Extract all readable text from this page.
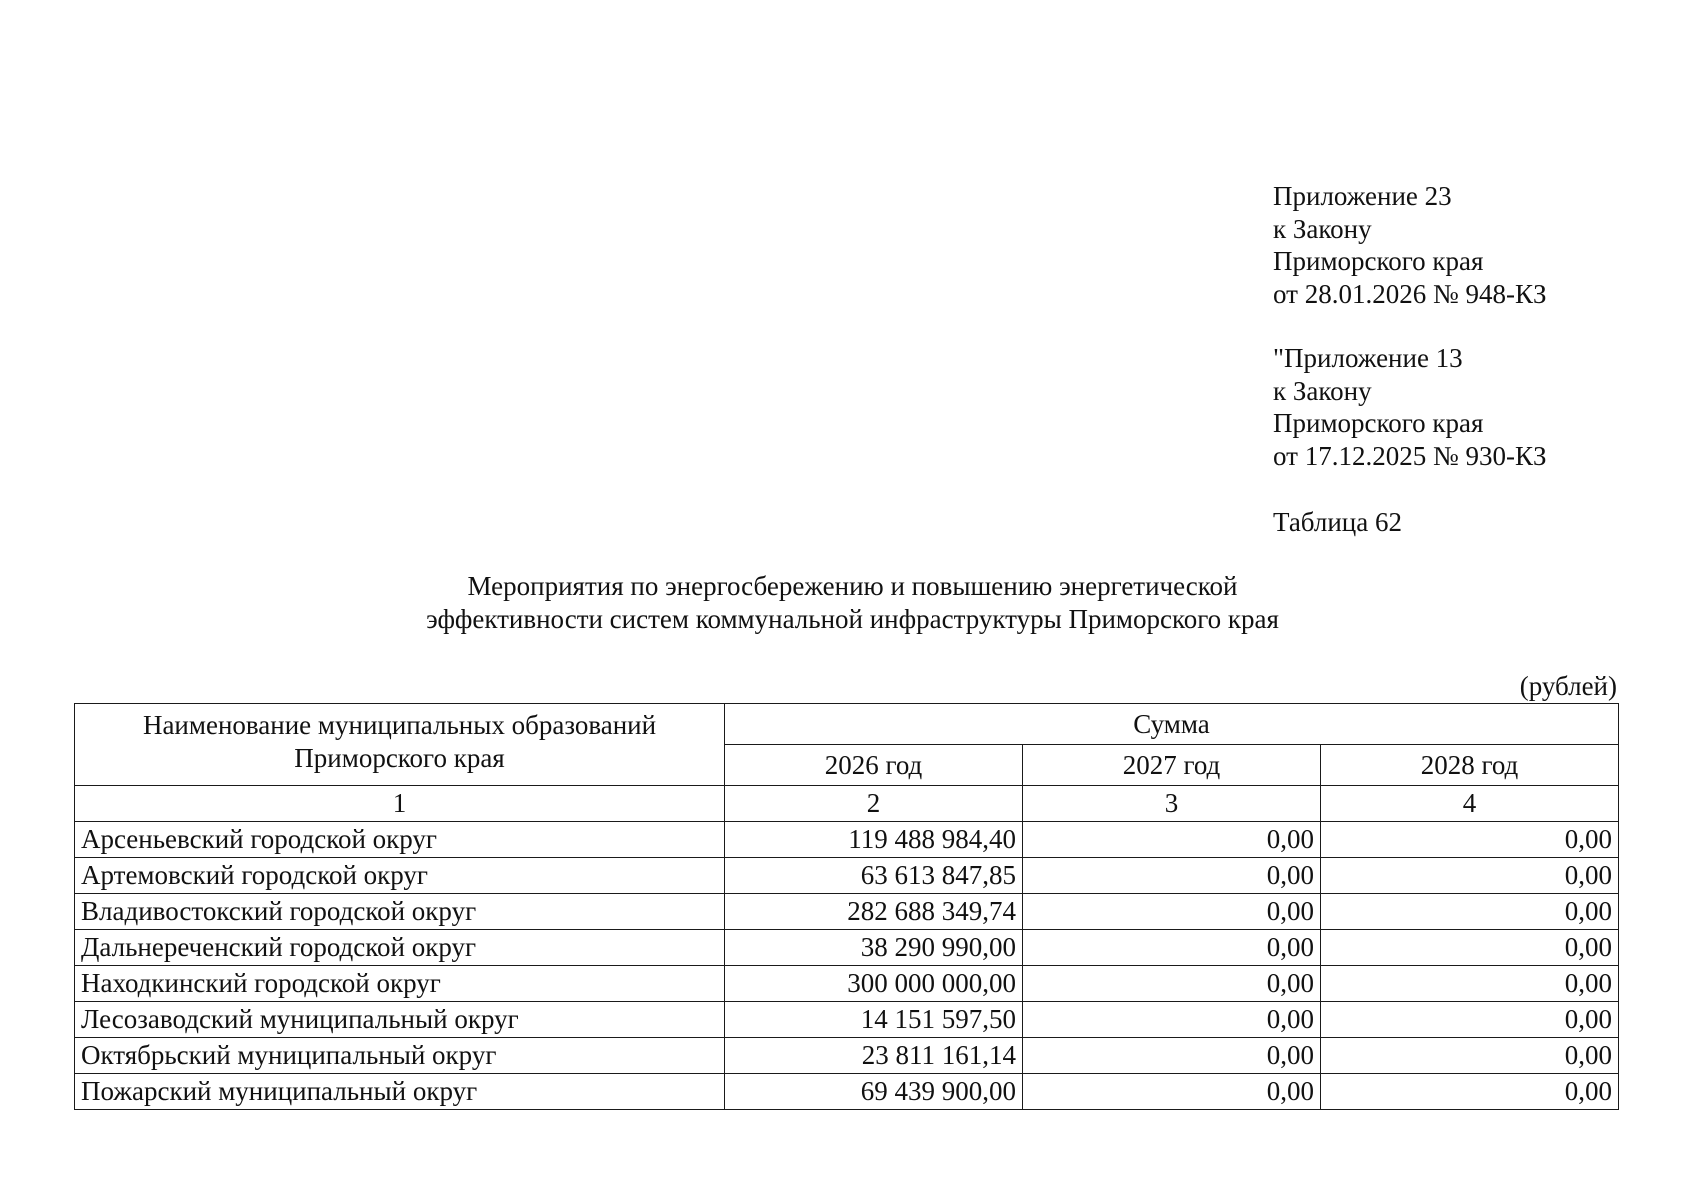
Приложение 23
к Закону
Приморского края
от 28.01.2026 № 948-КЗ
"Приложение 13
к Закону
Приморского края
от 17.12.2025 № 930-КЗ
Таблица 62
Мероприятия по энергосбережению и повышению энергетической
эффективности систем коммунальной инфраструктуры Приморского края
(рублей)
Наименование муниципальных образований
Приморского края	Сумма		
	2026 год	2027 год	2028 год
1	2	3	4
Арсеньевский городской округ	119 488 984,40	0,00	0,00
Артемовский городской округ	63 613 847,85	0,00	0,00
Владивостокский городской округ	282 688 349,74	0,00	0,00
Дальнереченский городской округ	38 290 990,00	0,00	0,00
Находкинский городской округ	300 000 000,00	0,00	0,00
Лесозаводский муниципальный округ	14 151 597,50	0,00	0,00
Октябрьский муниципальный округ	23 811 161,14	0,00	0,00
Пожарский муниципальный округ	69 439 900,00	0,00	0,00
